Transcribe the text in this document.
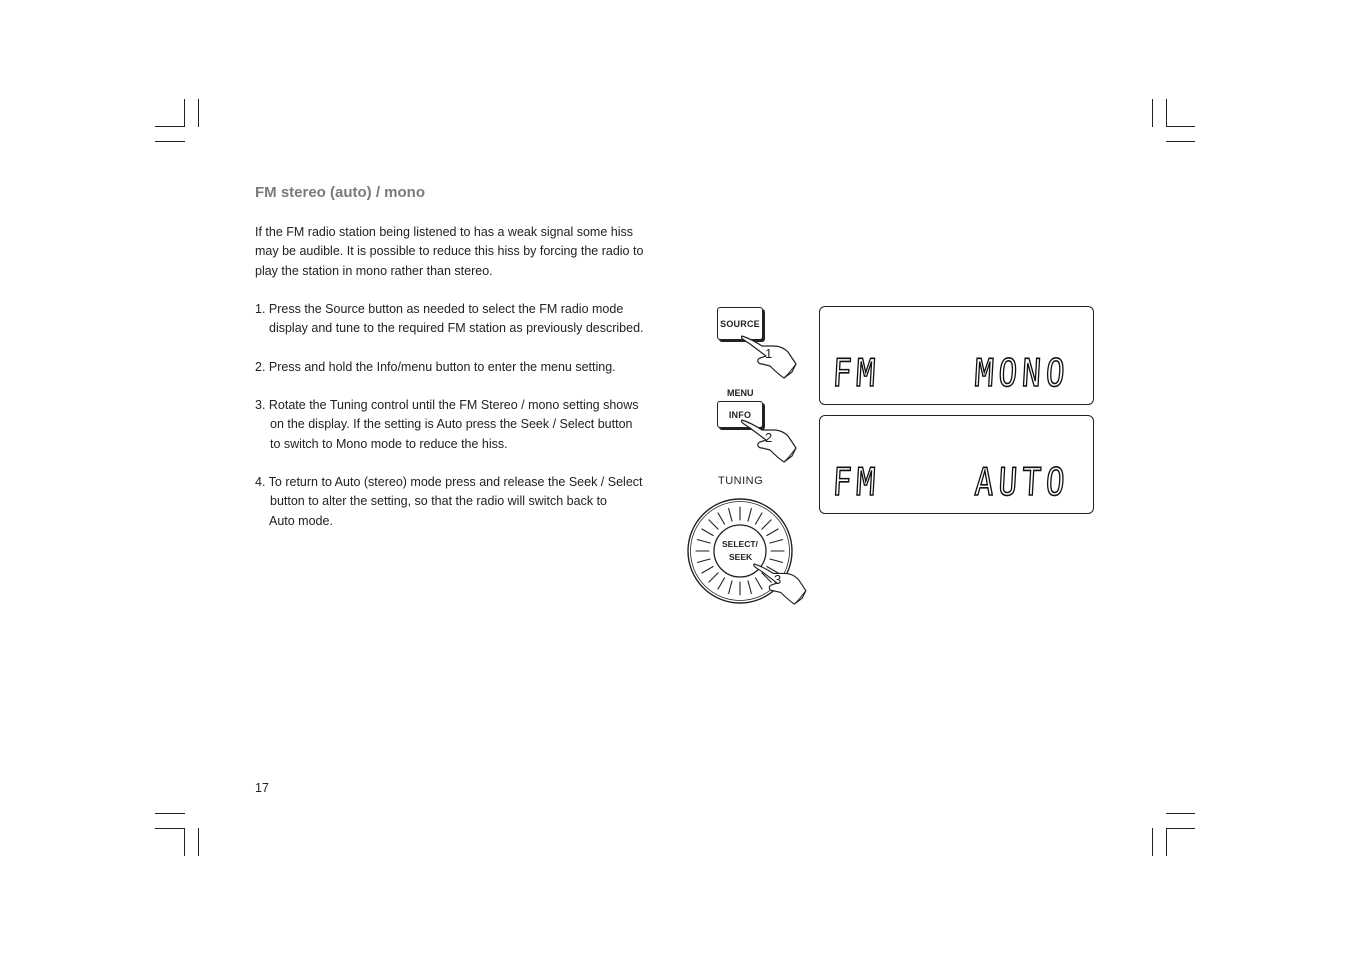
FM stereo (auto) / mono
If the FM radio station being listened to has a weak signal some hiss
may be audible. It is possible to reduce this hiss by forcing the radio to
play the station in mono rather than stereo.
1. Press the Source button as needed to select the FM radio mode
display and tune to the required FM station as previously described.
2. Press and hold the Info/menu button to enter the menu setting.
3. Rotate the Tuning control until the FM Stereo / mono setting shows
on the display. If the setting is Auto press the Seek / Select button
to switch to Mono mode to reduce the hiss.
4. To return to Auto (stereo) mode press and release the Seek / Select
button to alter the setting, so that the radio will switch back to
Auto mode.
17
SOURCE
MENU
INFO
TUNING
SELECT/
SEEK
1
2
3
FM    MONO
FM    AUTO
